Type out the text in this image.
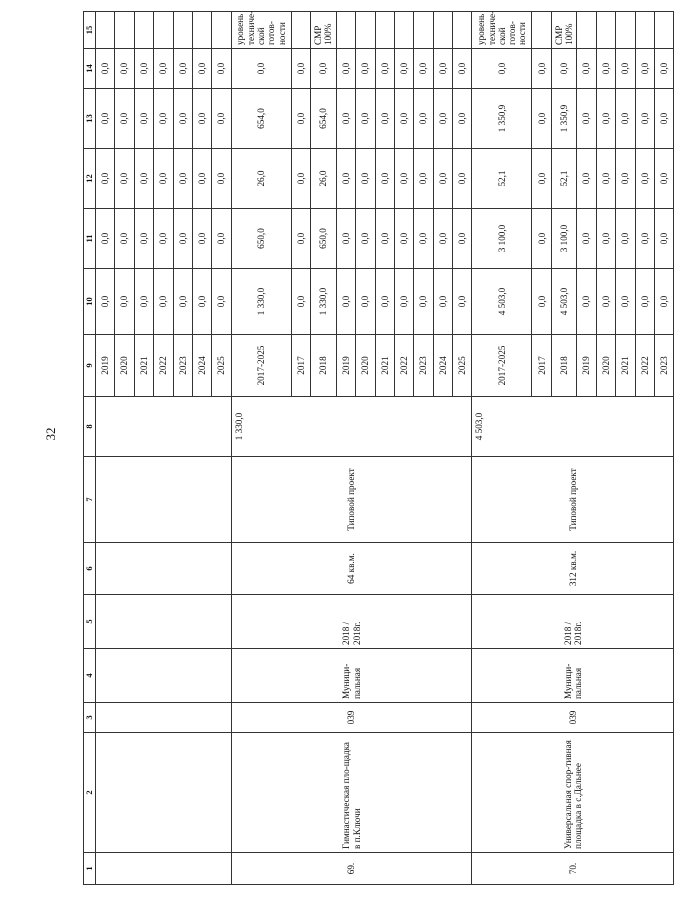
32
1	2	3	4	5	6	7	8	9	10	11	12	13	14	15
								2019	0,0	0,0	0,0	0,0	0,0	
								2020	0,0	0,0	0,0	0,0	0,0	
								2021	0,0	0,0	0,0	0,0	0,0	
								2022	0,0	0,0	0,0	0,0	0,0	
								2023	0,0	0,0	0,0	0,0	0,0	
								2024	0,0	0,0	0,0	0,0	0,0	
								2025	0,0	0,0	0,0	0,0	0,0	
69.	Гимнастическая пло-щадка в п.Ключи	039	Муници-пальная	2018 / 2018г.	64 кв.м.	Типовой проект	1 330,0	2017-2025	1 330,0	650,0	26,0	654,0	0,0	уровень техниче-ской готов-ности
								2017	0,0	0,0	0,0	0,0	0,0	
								2018	1 330,0	650,0	26,0	654,0	0,0	СМР 100%
								2019	0,0	0,0	0,0	0,0	0,0	
								2020	0,0	0,0	0,0	0,0	0,0	
								2021	0,0	0,0	0,0	0,0	0,0	
								2022	0,0	0,0	0,0	0,0	0,0	
								2023	0,0	0,0	0,0	0,0	0,0	
								2024	0,0	0,0	0,0	0,0	0,0	
								2025	0,0	0,0	0,0	0,0	0,0	
70.	Универсальная спор-тивная площадка в с.Дальнее	039	Муници-пальная	2018 / 2018г.	312 кв.м.	Типовой проект	4 503,0	2017-2025	4 503,0	3 100,0	52,1	1 350,9	0,0	уровень техниче-ской готов-ности
								2017	0,0	0,0	0,0	0,0	0,0	
								2018	4 503,0	3 100,0	52,1	1 350,9	0,0	СМР 100%
								2019	0,0	0,0	0,0	0,0	0,0	
								2020	0,0	0,0	0,0	0,0	0,0	
								2021	0,0	0,0	0,0	0,0	0,0	
								2022	0,0	0,0	0,0	0,0	0,0	
								2023	0,0	0,0	0,0	0,0	0,0	
